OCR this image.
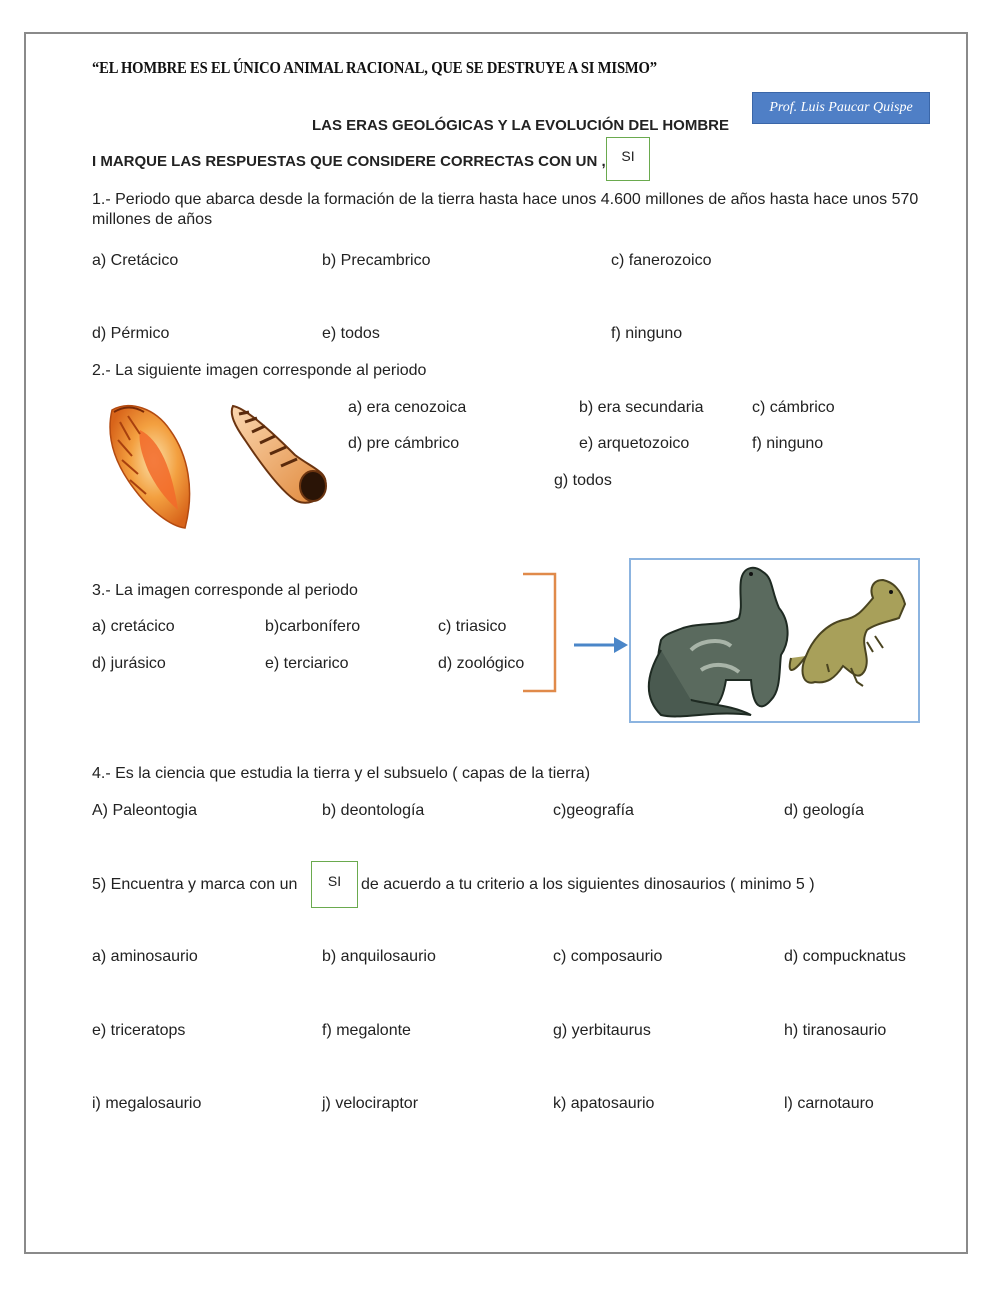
“EL HOMBRE ES EL ÚNICO ANIMAL RACIONAL, QUE SE DESTRUYE A SI MISMO”
Prof. Luis Paucar Quispe
LAS ERAS GEOLÓGICAS Y LA EVOLUCIÓN DEL HOMBRE
I MARQUE LAS RESPUESTAS QUE CONSIDERE CORRECTAS CON UN ,	SI
1.- Periodo que abarca desde la formación de la tierra hasta hace unos 4.600 millones de años hasta hace unos 570 millones de años
a) Cretácico	b) Precambrico	c) fanerozoico
d) Pérmico	e) todos	f) ninguno
2.- La siguiente imagen corresponde al periodo
a) era cenozoica	b) era secundaria	c) cámbrico
d) pre cámbrico	e) arquetozoico	f) ninguno
g) todos
3.- La imagen corresponde al periodo
a) cretácico	b)carbonífero	c) triasico
d) jurásico	e) terciarico	d) zoológico
4.- Es la ciencia que estudia la tierra y el subsuelo ( capas de la tierra)
A) Paleontogia	b) deontología	c)geografía	d) geología
5) Encuentra y marca con un	SI	de acuerdo a tu criterio a los siguientes dinosaurios ( minimo 5 )
a) aminosaurio	b) anquilosaurio	c) composaurio	d) compucknatus
e) triceratops	f) megalonte	g) yerbitaurus	h) tiranosaurio
i) megalosaurio	j) velociraptor	k) apatosaurio	l) carnotauro
